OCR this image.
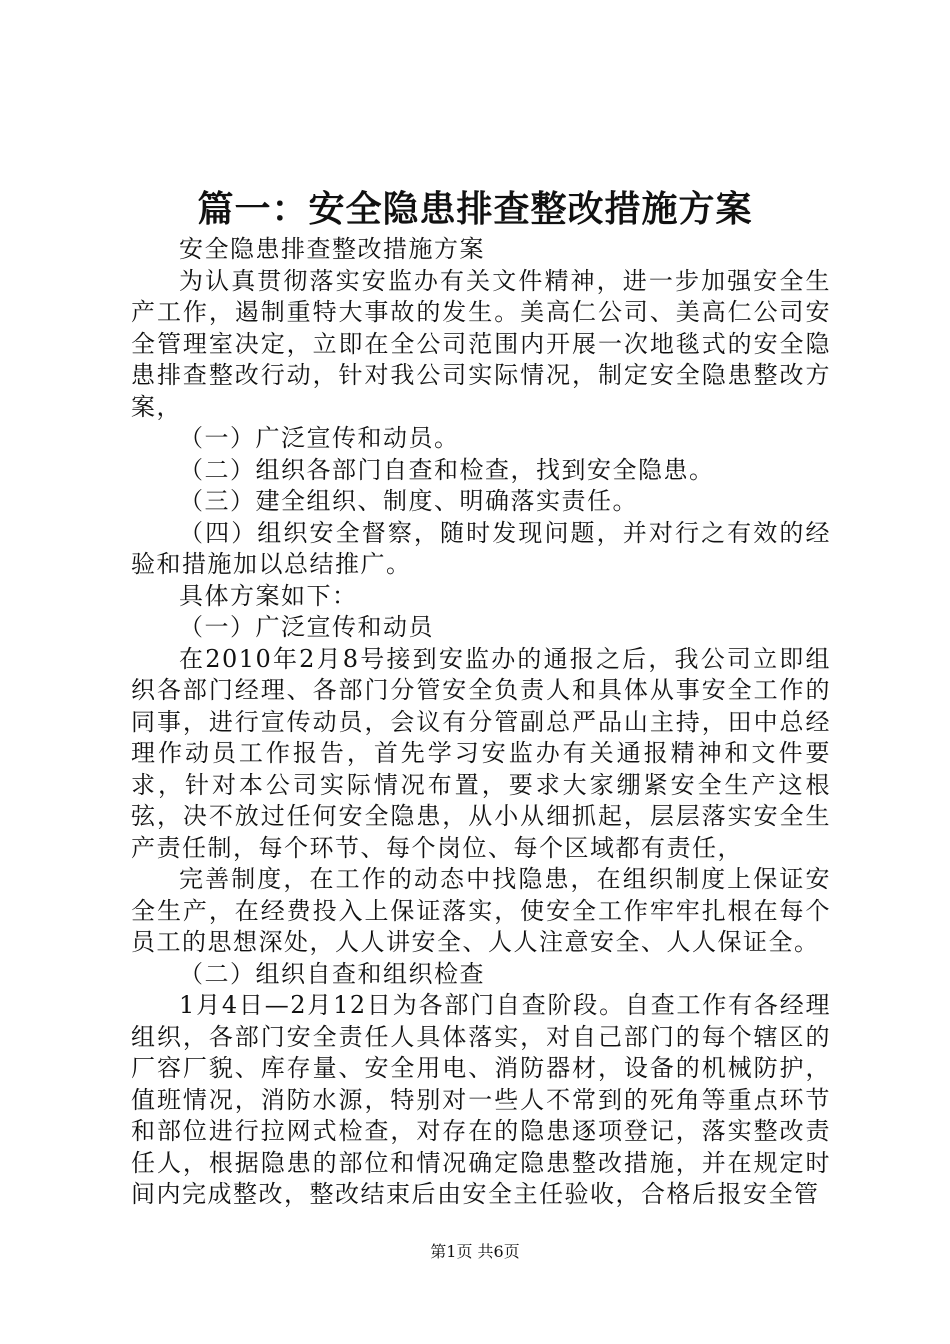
篇一：安全隐患排查整改措施方案

安全隐患排查整改措施方案

为认真贯彻落实安监办有关文件精神，进一步加强安全生产工作，遏制重特大事故的发生。美高仁公司、美高仁公司安全管理室决定，立即在全公司范围内开展一次地毯式的安全隐患排查整改行动，针对我公司实际情况，制定安全隐患整改方案，

（一）广泛宣传和动员。

（二）组织各部门自查和检查，找到安全隐患。

（三）建全组织、制度、明确落实责任。

（四）组织安全督察，随时发现问题，并对行之有效的经验和措施加以总结推广。

具体方案如下：

（一）广泛宣传和动员

在2010年2月8号接到安监办的通报之后，我公司立即组织各部门经理、各部门分管安全负责人和具体从事安全工作的同事，进行宣传动员，会议有分管副总严品山主持，田中总经理作动员工作报告，首先学习安监办有关通报精神和文件要求，针对本公司实际情况布置，要求大家绷紧安全生产这根弦，决不放过任何安全隐患，从小从细抓起，层层落实安全生产责任制，每个环节、每个岗位、每个区域都有责任，

完善制度，在工作的动态中找隐患，在组织制度上保证安全生产，在经费投入上保证落实，使安全工作牢牢扎根在每个员工的思想深处，人人讲安全、人人注意安全、人人保证全。

（二）组织自查和组织检查

1月4日—2月12日为各部门自查阶段。自查工作有各经理组织，各部门安全责任人具体落实，对自己部门的每个辖区的厂容厂貌、库存量、安全用电、消防器材，设备的机械防护，值班情况，消防水源，特别对一些人不常到的死角等重点环节和部位进行拉网式检查，对存在的隐患逐项登记，落实整改责任人，根据隐患的部位和情况确定隐患整改措施，并在规定时间内完成整改，整改结束后由安全主任验收，合格后报安全管

第1页 共6页
